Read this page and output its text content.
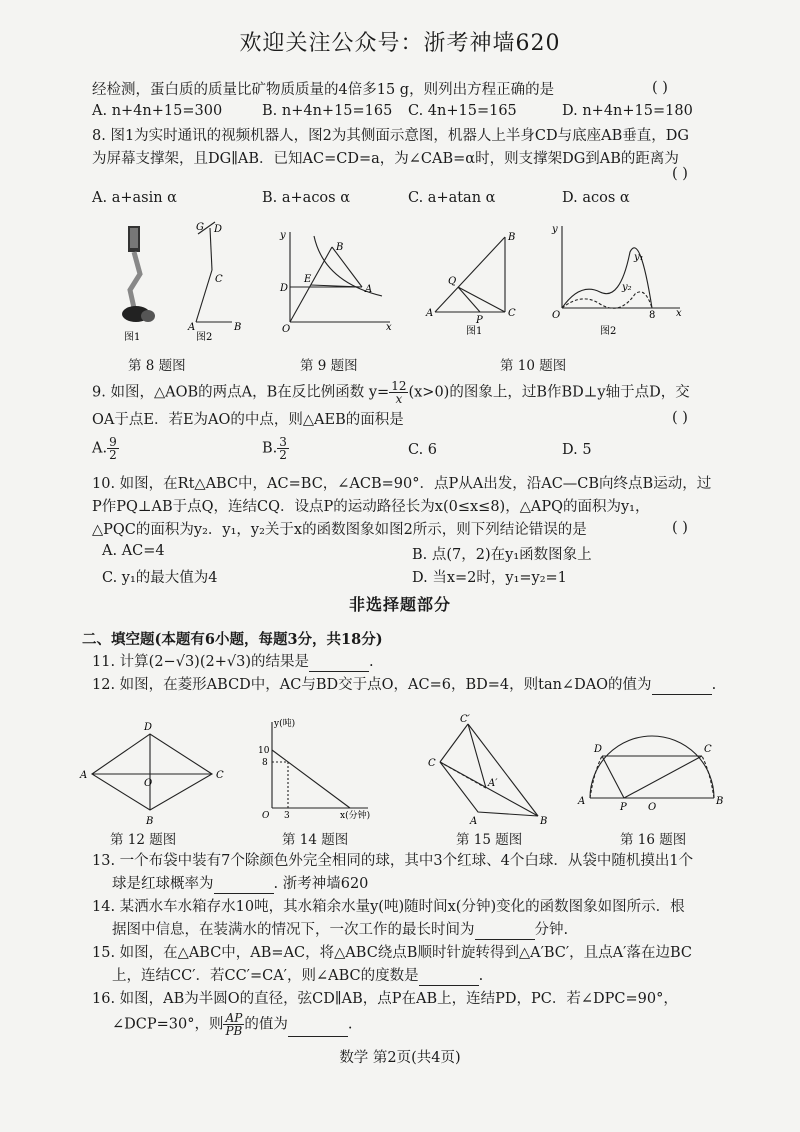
欢迎关注公众号：浙考神墙620
经检测，蛋白质的质量比矿物质质量的4倍多15 g，则列出方程正确的是	( )
A. n+4n+15=300	B. n+4n+15=165 C. 4n+15=165	D. n+4n+15=180
8. 图1为实时通讯的视频机器人，图2为其侧面示意图，机器人上半身CD与底座AB垂直，DG
为屏幕支撑架，且DG∥AB．已知AC=CD=a，为∠CAB=α时，则支撑架DG到AB的距离为
( )
A. a+asin α	B. a+acos α	C. a+atan α	D. acos α
图1
G D
C
A	B
图2
y
B
D
E
A
O	x
B
Q
A
P
C
图1
y
y₁
y₂
O	8 x
图2
第 8 题图	第 9 题图	第 10 题图
9. 如图，△AOB的两点A，B在反比例函数 $y= \frac{12}{x} (x>0)$的图象上，过B作BD⊥y轴于点D，交
OA于点E．若E为AO的中点，则△AEB的面积是	( )
A. $\frac{9}{2}$	B. $\frac{3}{2}$	C. 6	D. 5
10. 如图，在Rt△ABC中，AC=BC，∠ACB=90°．点P从A出发，沿AC—CB向终点B运动，过
P作PQ⊥AB于点Q，连结CQ．设点P的运动路径长为x(0≤x≤8)，△APQ的面积为y₁，
△PQC的面积为y₂．y₁，y₂关于x的函数图象如图2所示，则下列结论错误的是	( )
A. AC=4	B. 点(7，2)在y₁函数图象上
C. y₁的最大值为4	D. 当x=2时，y₁=y₂=1
非选择题部分
二、填空题(本题有6小题，每题3分，共18分)
11. 计算(2−√3)(2+√3)的结果是	.
12. 如图，在菱形ABCD中，AC与BD交于点O，AC=6，BD=4，则tan∠DAO的值为	.
D
A
O
C
B
y(吨)
10
8
O 3	x(分钟)
C′
C
A′
A	B
D	C
A
P O
B
第 12 题图	第 14 题图	第 15 题图	第 16 题图
13. 一个布袋中装有7个除颜色外完全相同的球，其中3个红球、4个白球．从袋中随机摸出1个
球是红球概率为	. 浙考神墙620
14. 某洒水车水箱存水10吨，其水箱余水量y(吨)随时间x(分钟)变化的函数图象如图所示．根
据图中信息，在装满水的情况下，一次工作的最长时间为	分钟.
15. 如图，在△ABC中，AB=AC，将△ABC绕点B顺时针旋转得到△A′BC′，且点A′落在边BC
上，连结CC′．若CC′=CA′，则∠ABC的度数是	.
16. 如图，AB为半圆O的直径，弦CD∥AB，点P在AB上，连结PD，PC．若∠DPC=90°，
∠DCP=30°，则 $\frac{AP}{PB}$ 的值为	.
数学 第2页(共4页)
